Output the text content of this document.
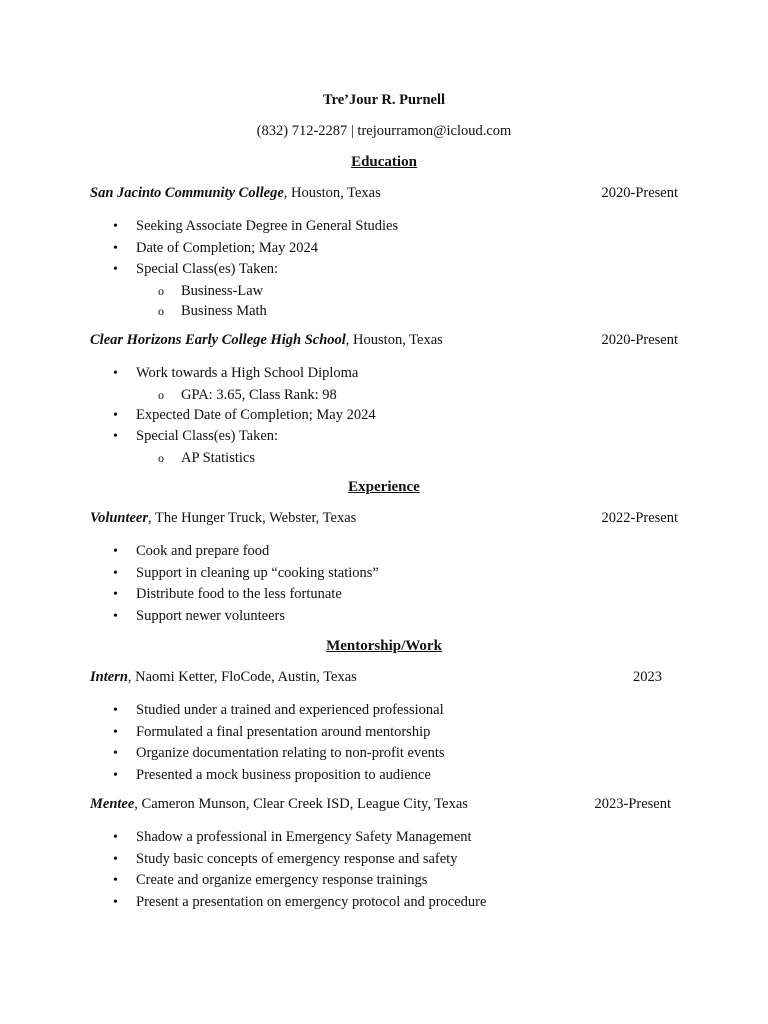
Tre’Jour R. Purnell
(832) 712-2287 | trejourramon@icloud.com
Education
San Jacinto Community College, Houston, Texas	2020-Present
• Seeking Associate Degree in General Studies
• Date of Completion; May 2024
• Special Class(es) Taken:
o Business-Law
o Business Math
Clear Horizons Early College High School, Houston, Texas	2020-Present
• Work towards a High School Diploma
o GPA: 3.65, Class Rank: 98
• Expected Date of Completion; May 2024
• Special Class(es) Taken:
o AP Statistics
Experience
Volunteer, The Hunger Truck, Webster, Texas	2022-Present
• Cook and prepare food
• Support in cleaning up “cooking stations”
• Distribute food to the less fortunate
• Support newer volunteers
Mentorship/Work
Intern, Naomi Ketter, FloCode, Austin, Texas	2023
• Studied under a trained and experienced professional
• Formulated a final presentation around mentorship
• Organize documentation relating to non-profit events
• Presented a mock business proposition to audience
Mentee, Cameron Munson, Clear Creek ISD, League City, Texas	2023-Present
• Shadow a professional in Emergency Safety Management
• Study basic concepts of emergency response and safety
• Create and organize emergency response trainings
• Present a presentation on emergency protocol and procedure
